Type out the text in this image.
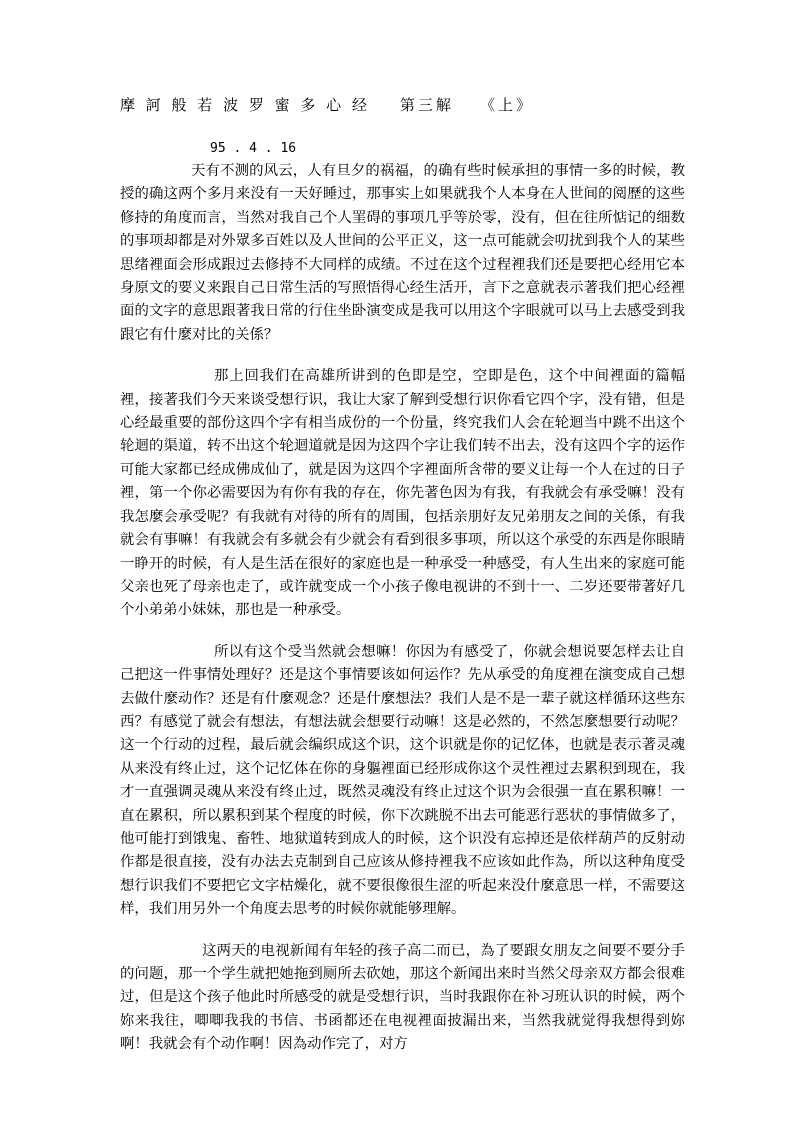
摩 訶 般 若 波 罗 蜜 多 心 经 第三解 《上》
95 . 4 . 16

天有不测的风云，人有旦夕的祸福，的确有些时候承担的事情一多的时候，教授的确这两个多月来没有一天好睡过，那事实上如果就我个人本身在人世间的阅歷的这些修持的角度而言，当然对我自己个人罣碍的事项几乎等於零，没有，但在往所惦记的细数的事项却都是对外眾多百姓以及人世间的公平正义，这一点可能就会叨扰到我个人的某些思绪裡面会形成跟过去修持不大同样的成绩。不过在这个过程裡我们还是要把心经用它本身原文的要义来跟自己日常生活的写照悟得心经生活开，言下之意就表示著我们把心经裡面的文字的意思跟著我日常的行住坐卧演变成是我可以用这个字眼就可以马上去感受到我跟它有什麼对比的关係？

那上回我们在高雄所讲到的色即是空，空即是色，这个中间裡面的篇幅裡，接著我们今天来谈受想行识，我让大家了解到受想行识你看它四个字，没有错，但是心经最重要的部份这四个字有相当成份的一个份量，终究我们人会在轮迴当中跳不出这个轮迴的渠道，转不出这个轮迴道就是因为这四个字让我们转不出去，没有这四个字的运作可能大家都已经成佛成仙了，就是因为这四个字裡面所含带的要义让每一个人在过的日子裡，第一个你必需要因为有你有我的存在，你先著色因为有我，有我就会有承受嘛！没有我怎麼会承受呢？有我就有对待的所有的周围，包括亲朋好友兄弟朋友之间的关係，有我就会有事嘛！有我就会有多就会有少就会有看到很多事项，所以这个承受的东西是你眼睛一睁开的时候，有人是生活在很好的家庭也是一种承受一种感受，有人生出来的家庭可能父亲也死了母亲也走了，或许就变成一个小孩子像电视讲的不到十一、二岁还要带著好几个小弟弟小妹妹，那也是一种承受。

所以有这个受当然就会想嘛！你因为有感受了，你就会想说要怎样去让自己把这一件事情处理好？还是这个事情要该如何运作？先从承受的角度裡在演变成自己想去做什麼动作？还是有什麼观念？还是什麼想法？我们人是不是一辈子就这样循环这些东西？有感觉了就会有想法，有想法就会想要行动嘛！这是必然的，不然怎麼想要行动呢？这一个行动的过程，最后就会编织成这个识，这个识就是你的记忆体，也就是表示著灵魂从来没有终止过，这个记忆体在你的身軀裡面已经形成你这个灵性裡过去累积到现在，我才一直强调灵魂从来没有终止过，既然灵魂没有终止过这个识为会很强一直在累积嘛！一直在累积，所以累积到某个程度的时候，你下次跳脱不出去可能恶行恶状的事情做多了，他可能打到饿鬼、畜牲、地狱道转到成人的时候，这个识没有忘掉还是依样葫芦的反射动作都是很直接，没有办法去克制到自己应该从修持裡我不应该如此作為，所以这种角度受想行识我们不要把它文字枯燥化，就不要很像很生涩的听起来没什麼意思一样，不需要这样，我们用另外一个角度去思考的时候你就能够理解。

这两天的电视新闻有年轻的孩子高二而已，為了要跟女朋友之间要不要分手的问题，那一个学生就把她拖到厕所去砍她，那这个新闻出来时当然父母亲双方都会很难过，但是这个孩子他此时所感受的就是受想行识，当时我跟你在补习班认识的时候，两个妳来我往，唧唧我我的书信、书函都还在电视裡面披漏出来，当然我就觉得我想得到妳啊！我就会有个动作啊！因為动作完了，对方
